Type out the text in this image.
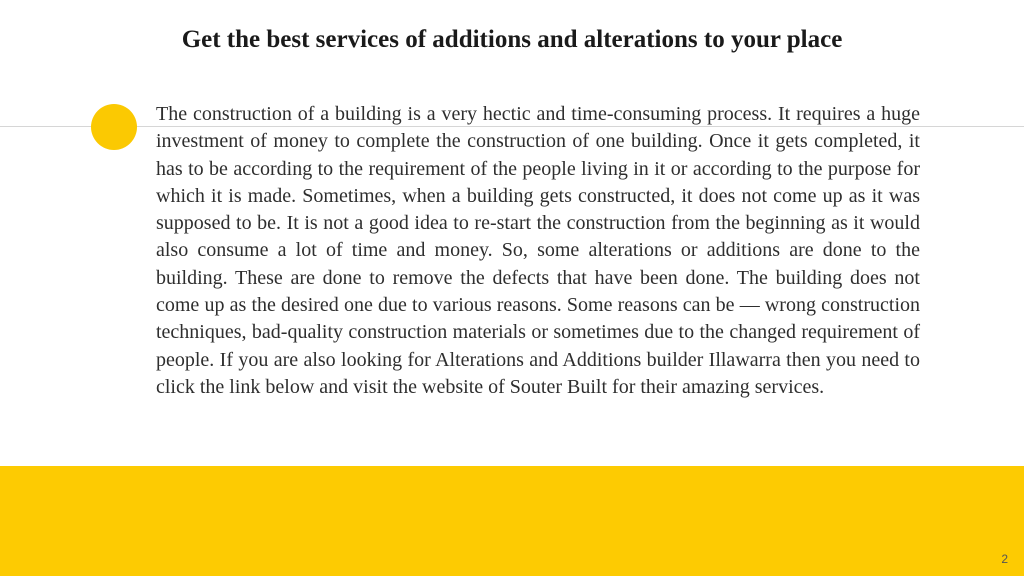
Get the best services of additions and alterations to your place

The construction of a building is a very hectic and time-consuming process. It requires a huge investment of money to complete the construction of one building. Once it gets completed, it has to be according to the requirement of the people living in it or according to the purpose for which it is made. Sometimes, when a building gets constructed, it does not come up as it was supposed to be. It is not a good idea to re-start the construction from the beginning as it would also consume a lot of time and money. So, some alterations or additions are done to the building. These are done to remove the defects that have been done. The building does not come up as the desired one due to various reasons. Some reasons can be — wrong construction techniques, bad-quality construction materials or sometimes due to the changed requirement of people. If you are also looking for Alterations and Additions builder Illawarra then you need to click the link below and visit the website of Souter Built for their amazing services.

2
